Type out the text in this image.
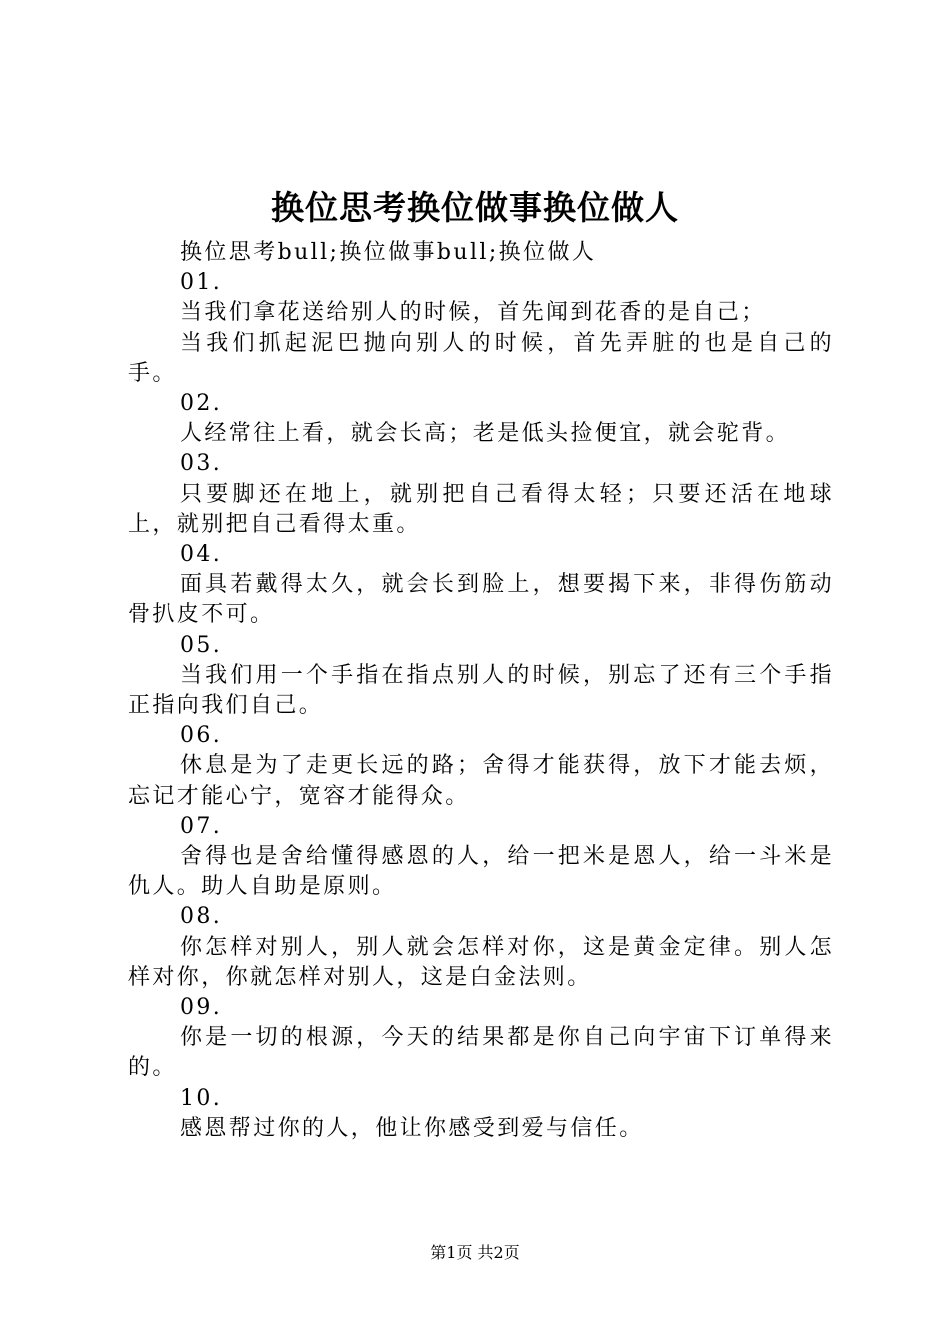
换位思考换位做事换位做人

换位思考bull;换位做事bull;换位做人

01.

当我们拿花送给别人的时候，首先闻到花香的是自己；

当我们抓起泥巴抛向别人的时候，首先弄脏的也是自己的手。

02.

人经常往上看，就会长高；老是低头捡便宜，就会驼背。

03.

只要脚还在地上，就别把自己看得太轻；只要还活在地球上，就别把自己看得太重。

04.

面具若戴得太久，就会长到脸上，想要揭下来，非得伤筋动骨扒皮不可。

05.

当我们用一个手指在指点别人的时候，别忘了还有三个手指正指向我们自己。

06.

休息是为了走更长远的路；舍得才能获得，放下才能去烦，忘记才能心宁，宽容才能得众。

07.

舍得也是舍给懂得感恩的人，给一把米是恩人，给一斗米是仇人。助人自助是原则。

08.

你怎样对别人，别人就会怎样对你，这是黄金定律。别人怎样对你，你就怎样对别人，这是白金法则。

09.

你是一切的根源，今天的结果都是你自己向宇宙下订单得来的。

10.

感恩帮过你的人，他让你感受到爱与信任。

第1页 共2页
